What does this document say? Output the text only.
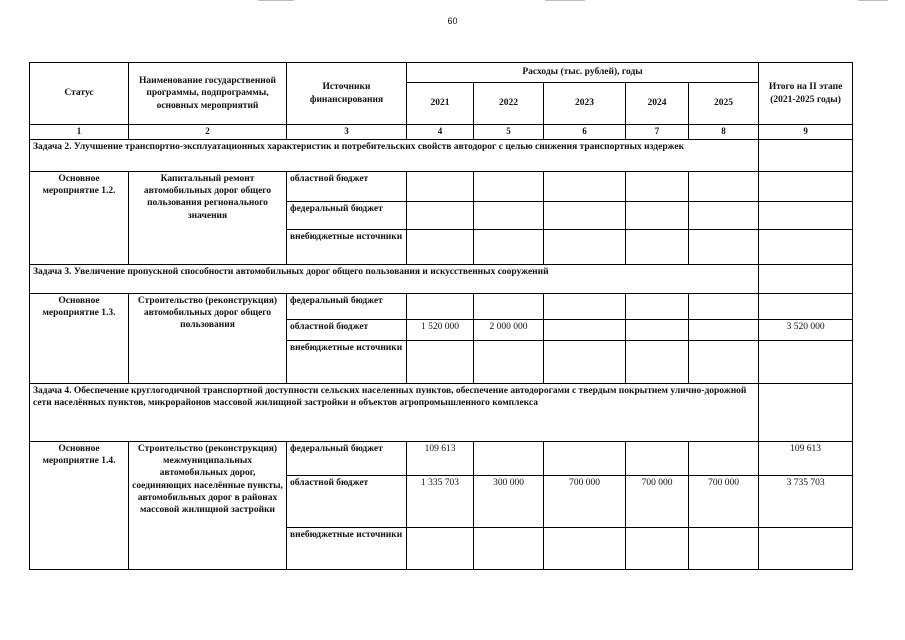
60
Статус	Наименование государственной программы, подпрограммы, основных мероприятий	Источники финансирования	Расходы (тыс. рублей), годы					Итого на II этапе (2021-2025 годы)
			2021	2022	2023	2024	2025	
1	2	3	4	5	6	7	8	9
Задача 2. Улучшение транспортно-эксплуатационных характеристик и потребительских свойств автодорог с целью снижения транспортных издержек								
Основное мероприятие 1.2.	Капитальный ремонт автомобильных дорог общего пользования регионального значения	областной бюджет						
		федеральный бюджет						
		внебюджетные источники						
Задача 3. Увеличение пропускной способности автомобильных дорог общего пользования и искусственных сооружений								
Основное мероприятие 1.3.	Строительство (реконструкция) автомобильных дорог общего пользования	федеральный бюджет						
		областной бюджет	1 520 000	2 000 000				3 520 000
		внебюджетные источники						
Задача 4. Обеспечение круглогодичной транспортной доступности сельских населенных пунктов, обеспечение автодорогами с твердым покрытием улично-дорожной сети населённых пунктов, микрорайонов массовой жилищной застройки и объектов агропромышленного комплекса								
Основное мероприятие 1.4.	Строительство (реконструкция) межмуниципальных автомобильных дорог, соединяющих населённые пункты, автомобильных дорог в районах массовой жилищной застройки	федеральный бюджет	109 613					109 613
		областной бюджет	1 335 703	300 000	700 000	700 000	700 000	3 735 703
		внебюджетные источники						
